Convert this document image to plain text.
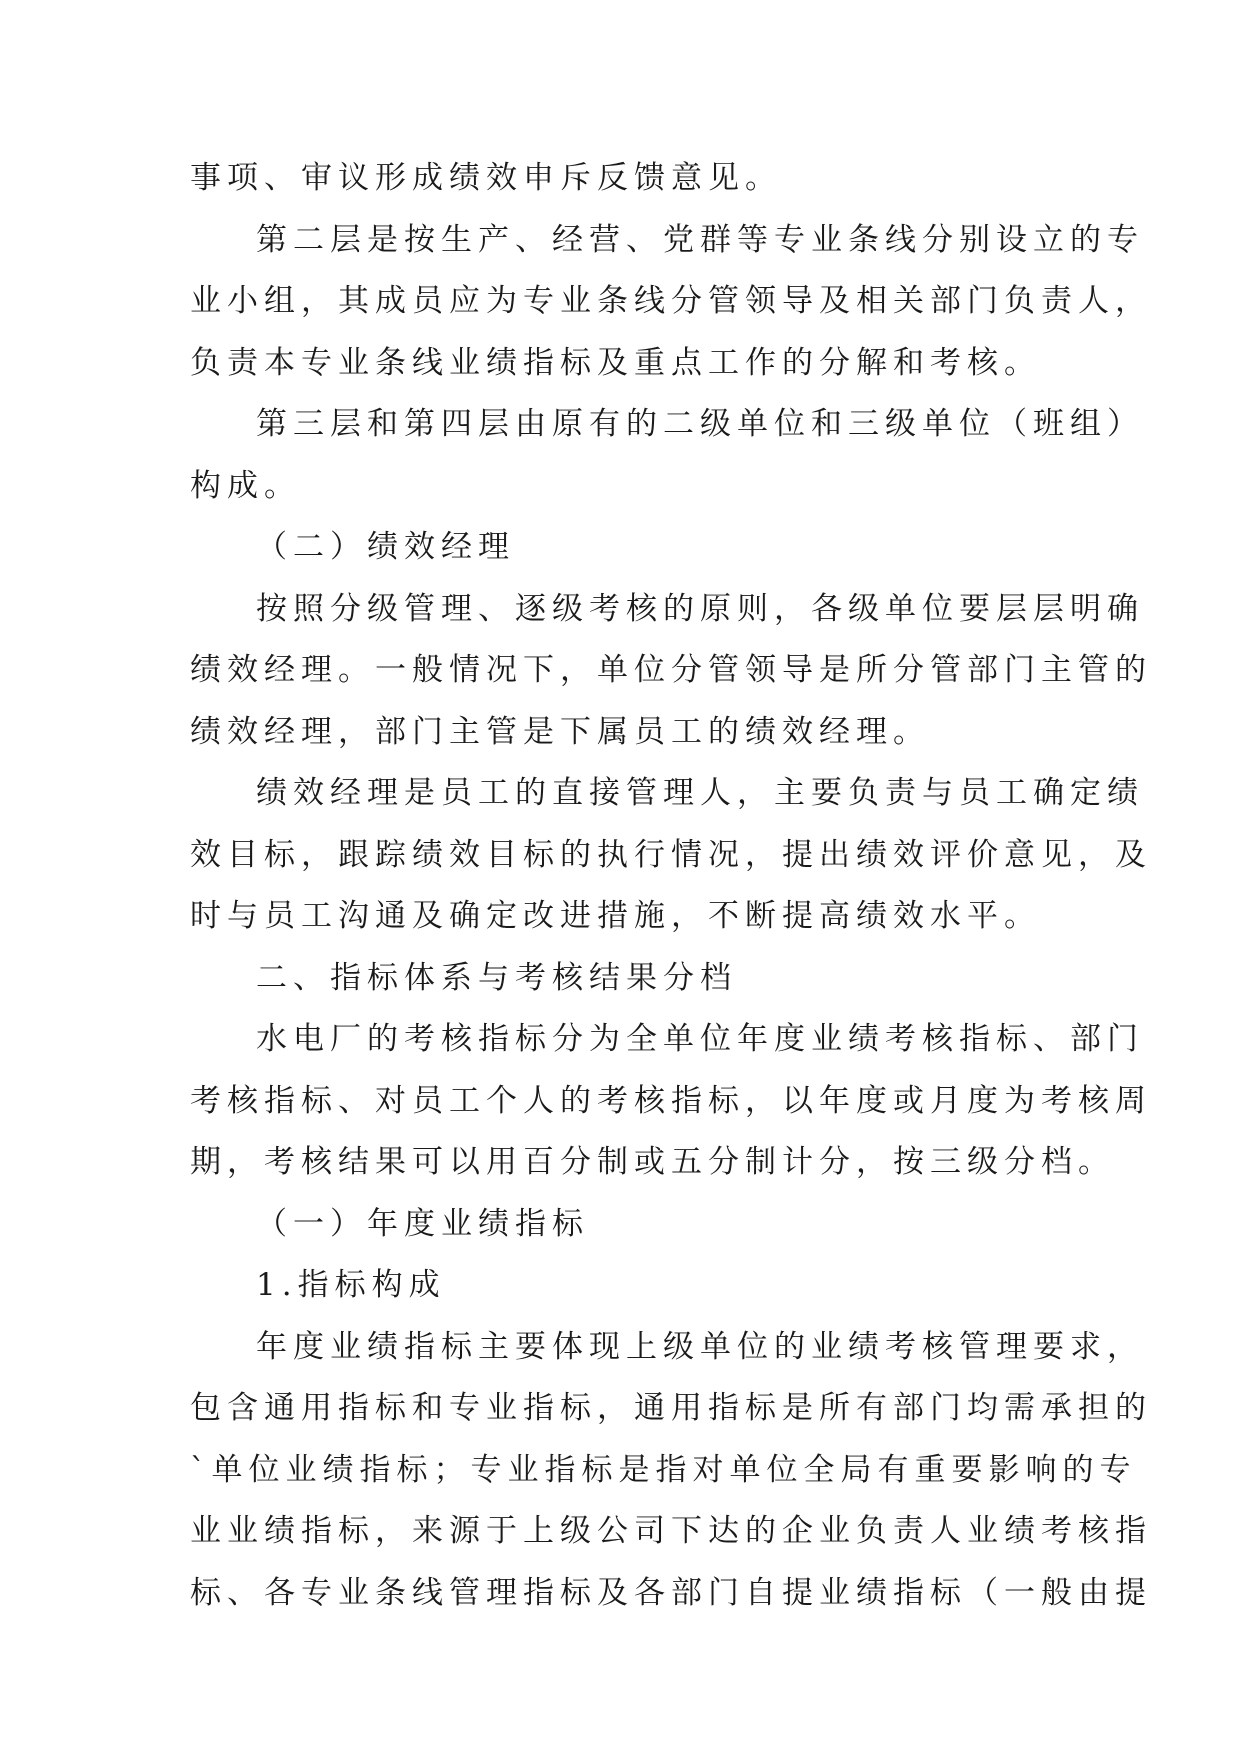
事项、审议形成绩效申斥反馈意见。
第二层是按生产、经营、党群等专业条线分别设立的专
业小组，其成员应为专业条线分管领导及相关部门负责人，
负责本专业条线业绩指标及重点工作的分解和考核。
第三层和第四层由原有的二级单位和三级单位（班组）
构成。
（二）绩效经理
按照分级管理、逐级考核的原则，各级单位要层层明确
绩效经理。一般情况下，单位分管领导是所分管部门主管的
绩效经理，部门主管是下属员工的绩效经理。
绩效经理是员工的直接管理人，主要负责与员工确定绩
效目标，跟踪绩效目标的执行情况，提出绩效评价意见，及
时与员工沟通及确定改进措施，不断提高绩效水平。
二、指标体系与考核结果分档
水电厂的考核指标分为全单位年度业绩考核指标、部门
考核指标、对员工个人的考核指标，以年度或月度为考核周
期，考核结果可以用百分制或五分制计分，按三级分档。
（一）年度业绩指标
1.指标构成
年度业绩指标主要体现上级单位的业绩考核管理要求，
包含通用指标和专业指标，通用指标是所有部门均需承担的
`单位业绩指标；专业指标是指对单位全局有重要影响的专
业业绩指标，来源于上级公司下达的企业负责人业绩考核指
标、各专业条线管理指标及各部门自提业绩指标（一般由提
